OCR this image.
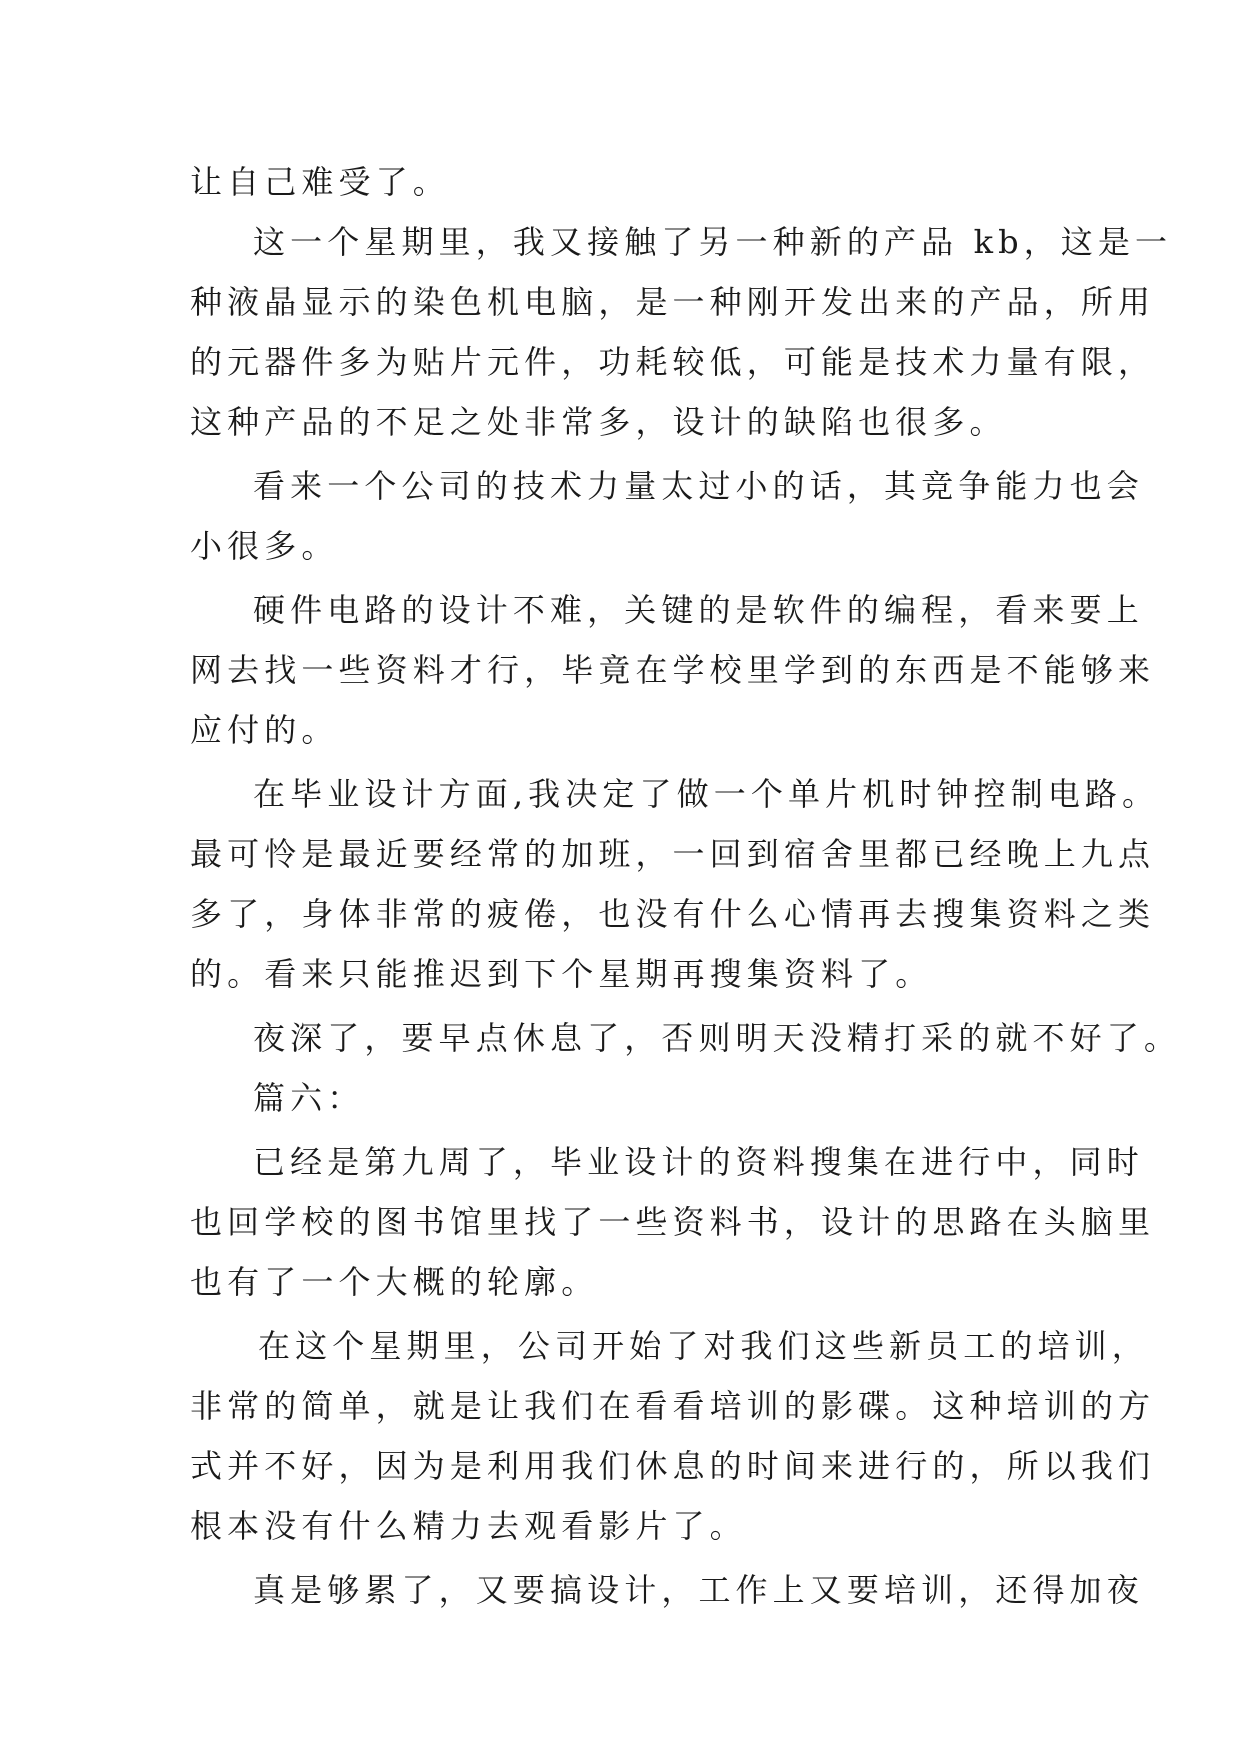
让自己难受了。
这一个星期里，我又接触了另一种新的产品 kb，这是一
种液晶显示的染色机电脑，是一种刚开发出来的产品，所用
的元器件多为贴片元件，功耗较低，可能是技术力量有限，
这种产品的不足之处非常多，设计的缺陷也很多。
看来一个公司的技术力量太过小的话，其竞争能力也会
小很多。
硬件电路的设计不难，关键的是软件的编程，看来要上
网去找一些资料才行，毕竟在学校里学到的东西是不能够来
应付的。
在毕业设计方面,我决定了做一个单片机时钟控制电路。
最可怜是最近要经常的加班，一回到宿舍里都已经晚上九点
多了，身体非常的疲倦，也没有什么心情再去搜集资料之类
的。看来只能推迟到下个星期再搜集资料了。
夜深了，要早点休息了，否则明天没精打采的就不好了。
篇六：
已经是第九周了，毕业设计的资料搜集在进行中，同时
也回学校的图书馆里找了一些资料书，设计的思路在头脑里
也有了一个大概的轮廓。
在这个星期里，公司开始了对我们这些新员工的培训，
非常的简单，就是让我们在看看培训的影碟。这种培训的方
式并不好，因为是利用我们休息的时间来进行的，所以我们
根本没有什么精力去观看影片了。
真是够累了，又要搞设计，工作上又要培训，还得加夜
